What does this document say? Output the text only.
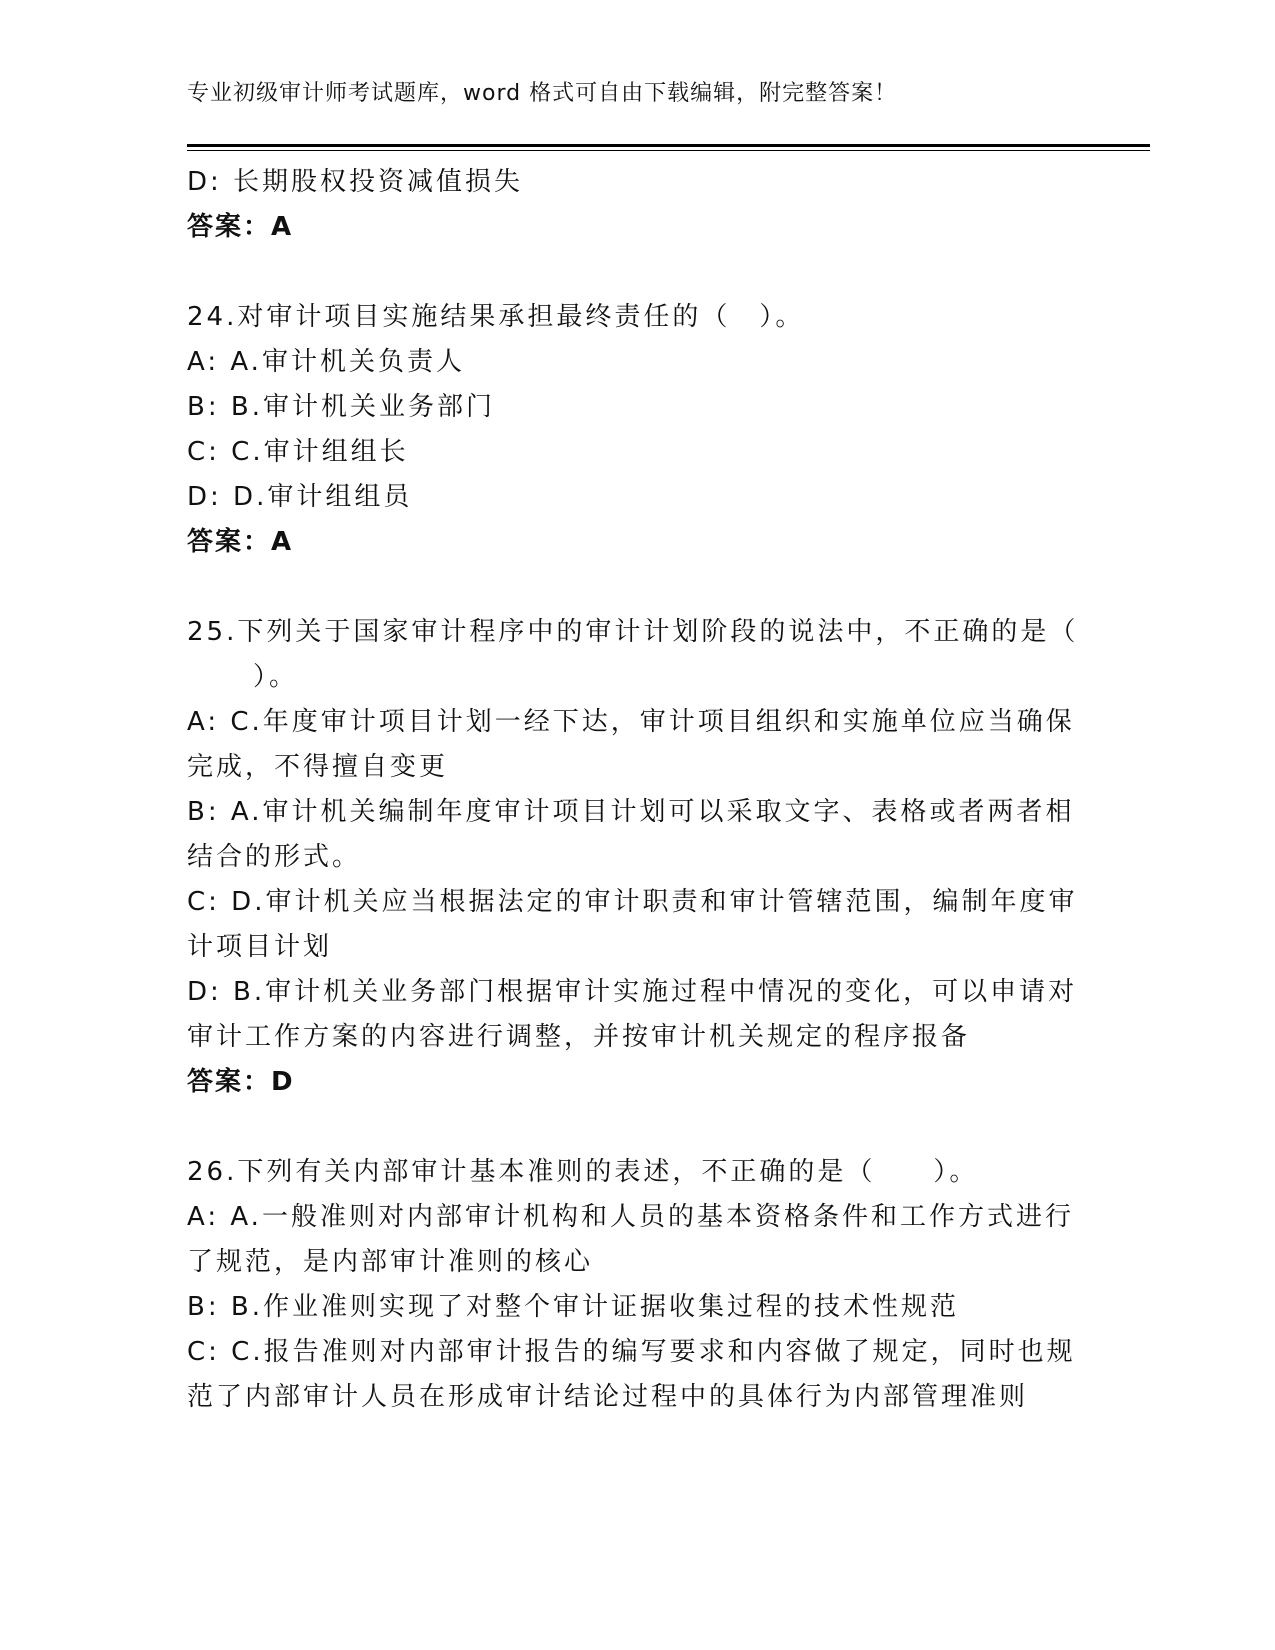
专业初级审计师考试题库，word 格式可自由下载编辑，附完整答案！
D: 长期股权投资减值损失
答案：A
24.对审计项目实施结果承担最终责任的（　）。
A: A.审计机关负责人
B: B.审计机关业务部门
C: C.审计组组长
D: D.审计组组员
答案：A
25.下列关于国家审计程序中的审计计划阶段的说法中，不正确的是（
）。
A: C.年度审计项目计划一经下达，审计项目组织和实施单位应当确保
完成，不得擅自变更
B: A.审计机关编制年度审计项目计划可以采取文字、表格或者两者相
结合的形式。
C: D.审计机关应当根据法定的审计职责和审计管辖范围，编制年度审
计项目计划
D: B.审计机关业务部门根据审计实施过程中情况的变化，可以申请对
审计工作方案的内容进行调整，并按审计机关规定的程序报备
答案：D
26.下列有关内部审计基本准则的表述，不正确的是（　　）。
A: A.一般准则对内部审计机构和人员的基本资格条件和工作方式进行
了规范，是内部审计准则的核心
B: B.作业准则实现了对整个审计证据收集过程的技术性规范
C: C.报告准则对内部审计报告的编写要求和内容做了规定，同时也规
范了内部审计人员在形成审计结论过程中的具体行为内部管理准则
